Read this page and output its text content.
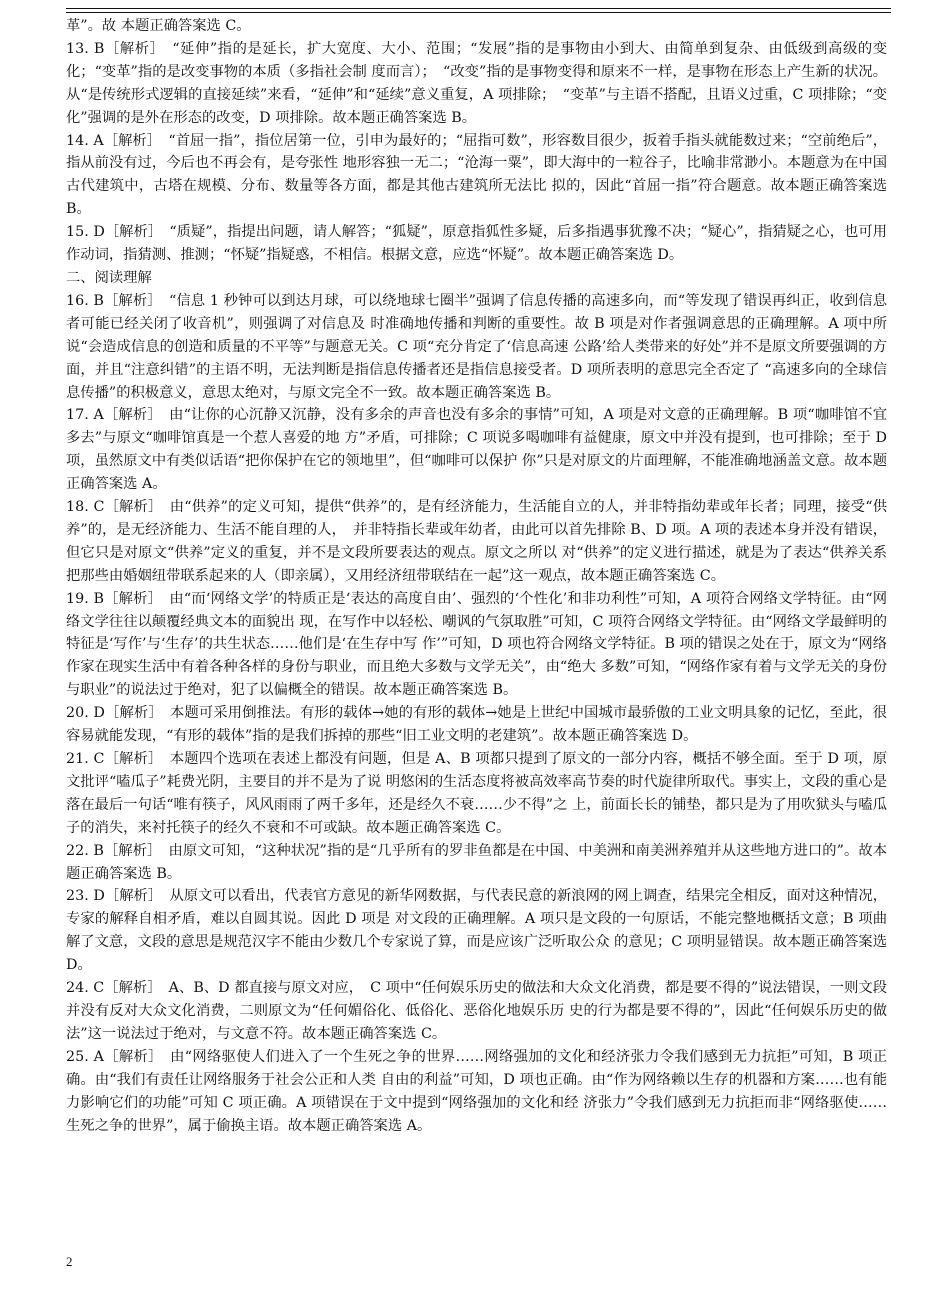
革”。故 本题正确答案选 C。

13. B［解析］　“延伸”指的是延长，扩大宽度、大小、范围；“发展”指的是事物由小到大、由简单到复杂、由低级到高级的变化；“变革”指的是改变事物的本质（多指社会制 度而言）；　“改变”指的是事物变得和原来不一样，是事物在形态上产生新的状况。从“是传统形式逻辑的直接延续”来看，“延伸”和“延续”意义重复，A 项排除；　“变革”与主语不搭配，且语义过重，C 项排除；“变化”强调的是外在形态的改变，D 项排除。故本题正确答案选 B。

14. A［解析］　“首屈一指”，指位居第一位，引申为最好的；“屈指可数”，形容数目很少，扳着手指头就能数过来；“空前绝后”，指从前没有过，今后也不再会有，是夸张性 地形容独一无二；“沧海一粟”，即大海中的一粒谷子，比喻非常渺小。本题意为在中国古代建筑中，古塔在规模、分布、数量等各方面，都是其他古建筑所无法比 拟的，因此“首屈一指”符合题意。故本题正确答案选 B。

15. D［解析］　“质疑”，指提出问题，请人解答；“狐疑”，原意指狐性多疑，后多指遇事犹豫不决；“疑心”，指猜疑之心，也可用作动词，指猜测、推测；“怀疑”指疑惑，不相信。根据文意，应选“怀疑”。故本题正确答案选 D。

二、阅读理解

16. B［解析］　“信息 1 秒钟可以到达月球，可以绕地球七圈半”强调了信息传播的高速多向，而“等发现了错误再纠正，收到信息者可能已经关闭了收音机”，则强调了对信息及 时准确地传播和判断的重要性。故 B 项是对作者强调意思的正确理解。A 项中所说“会造成信息的创造和质量的不平等”与题意无关。C 项“充分肯定了‘信息高速 公路’给人类带来的好处”并不是原文所要强调的方面，并且“注意纠错”的主语不明，无法判断是指信息传播者还是指信息接受者。D 项所表明的意思完全否定了 “高速多向的全球信息传播”的积极意义，意思太绝对，与原文完全不一致。故本题正确答案选 B。

17. A［解析］　由“让你的心沉静又沉静，没有多余的声音也没有多余的事情”可知，A 项是对文意的正确理解。B 项“咖啡馆不宜多去”与原文“咖啡馆真是一个惹人喜爱的地 方”矛盾，可排除；C 项说多喝咖啡有益健康，原文中并没有提到，也可排除；至于 D 项，虽然原文中有类似话语“把你保护在它的领地里”，但“咖啡可以保护 你”只是对原文的片面理解，不能准确地涵盖文意。故本题正确答案选 A。

18. C［解析］　由“供养”的定义可知，提供“供养”的，是有经济能力，生活能自立的人，并非特指幼辈或年长者；同理，接受“供养”的，是无经济能力、生活不能自理的人，　并非特指长辈或年幼者，由此可以首先排除 B、D 项。A 项的表述本身并没有错误，但它只是对原文“供养”定义的重复，并不是文段所要表达的观点。原文之所以 对“供养”的定义进行描述，就是为了表达“供养关系把那些由婚姻纽带联系起来的人（即亲属），又用经济纽带联结在一起”这一观点，故本题正确答案选 C。

19. B［解析］　由“而‘网络文学’的特质正是‘表达的高度自由’、强烈的‘个性化’和非功利性”可知，A 项符合网络文学特征。由“网络文学往往以颠覆经典文本的面貌出 现，在写作中以轻松、嘲讽的气氛取胜”可知，C 项符合网络文学特征。由“网络文学最鲜明的特征是‘写作’与‘生存’的共生状态……他们是‘在生存中写 作’”可知，D 项也符合网络文学特征。B 项的错误之处在于，原文为“网络作家在现实生活中有着各种各样的身份与职业，而且绝大多数与文学无关”，由“绝大 多数”可知，“网络作家有着与文学无关的身份与职业”的说法过于绝对，犯了以偏概全的错误。故本题正确答案选 B。

20. D［解析］　本题可采用倒推法。有形的载体→她的有形的载体→她是上世纪中国城市最骄傲的工业文明具象的记忆，至此，很容易就能发现，“有形的载体”指的是我们拆掉的那些“旧工业文明的老建筑”。故本题正确答案选 D。

21. C［解析］　本题四个选项在表述上都没有问题，但是 A、B 项都只提到了原文的一部分内容，概括不够全面。至于 D 项，原文批评“嗑瓜子”耗费光阴，主要目的并不是为了说 明悠闲的生活态度将被高效率高节奏的时代旋律所取代。事实上，文段的重心是落在最后一句话“唯有筷子，风风雨雨了两千多年，还是经久不衰……少不得”之 上，前面长长的铺垫，都只是为了用吹狱头与嗑瓜子的消失，来衬托筷子的经久不衰和不可或缺。故本题正确答案选 C。

22. B［解析］　由原文可知，“这种状况”指的是“几乎所有的罗非鱼都是在中国、中美洲和南美洲养殖并从这些地方进口的”。故本题正确答案选 B。

23. D［解析］　从原文可以看出，代表官方意见的新华网数据，与代表民意的新浪网的网上调查，结果完全相反，面对这种情况，专家的解释自相矛盾，难以自圆其说。因此 D 项是 对文段的正确理解。A 项只是文段的一句原话，不能完整地概括文意；B 项曲解了文意，文段的意思是规范汉字不能由少数几个专家说了算，而是应该广泛听取公众 的意见；C 项明显错误。故本题正确答案选 D。

24. C［解析］　A、B、D 都直接与原文对应，　C 项中“任何娱乐历史的做法和大众文化消费，都是要不得的”说法错误，一则文段并没有反对大众文化消费，二则原文为“任何媚俗化、低俗化、恶俗化地娱乐历 史的行为都是要不得的”，因此“任何娱乐历史的做法”这一说法过于绝对，与文意不符。故本题正确答案选 C。

25. A［解析］　由“网络驱使人们进入了一个生死之争的世界……网络强加的文化和经济张力令我们感到无力抗拒”可知，B 项正确。由“我们有责任让网络服务于社会公正和人类 自由的利益”可知，D 项也正确。由“作为网络赖以生存的机器和方案……也有能力影响它们的功能”可知 C 项正确。A 项错误在于文中提到“网络强加的文化和经 济张力”令我们感到无力抗拒而非“网络驱使……生死之争的世界”，属于偷换主语。故本题正确答案选 A。

2
